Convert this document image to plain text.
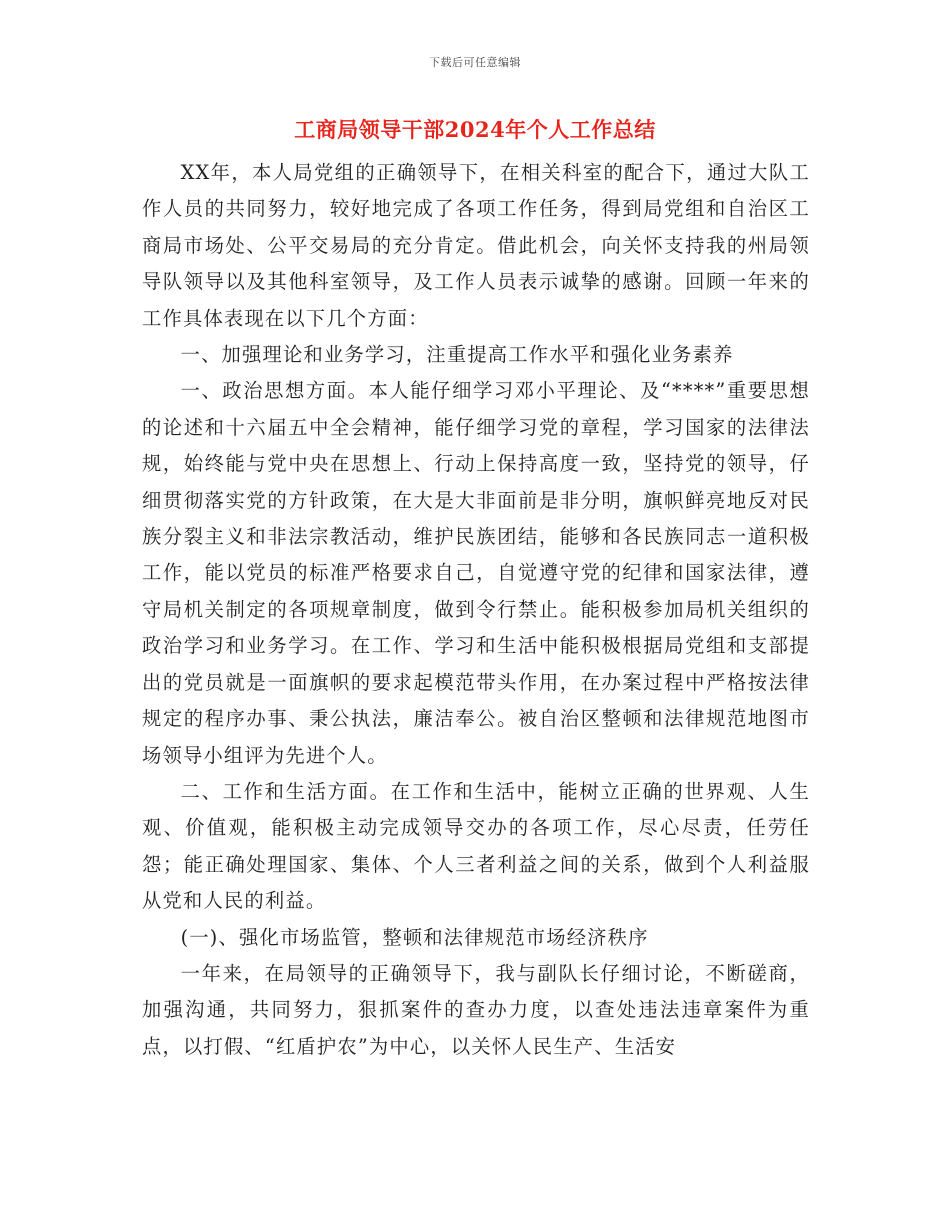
下载后可任意编辑
工商局领导干部2024年个人工作总结

XX年，本人局党组的正确领导下，在相关科室的配合下，通过大队工作人员的共同努力，较好地完成了各项工作任务，得到局党组和自治区工商局市场处、公平交易局的充分肯定。借此机会，向关怀支持我的州局领导队领导以及其他科室领导，及工作人员表示诚挚的感谢。回顾一年来的工作具体表现在以下几个方面：

一、加强理论和业务学习，注重提高工作水平和强化业务素养

一、政治思想方面。本人能仔细学习邓小平理论、及“****”重要思想的论述和十六届五中全会精神，能仔细学习党的章程，学习国家的法律法规，始终能与党中央在思想上、行动上保持高度一致，坚持党的领导，仔细贯彻落实党的方针政策，在大是大非面前是非分明，旗帜鲜亮地反对民族分裂主义和非法宗教活动，维护民族团结，能够和各民族同志一道积极工作，能以党员的标准严格要求自己，自觉遵守党的纪律和国家法律，遵守局机关制定的各项规章制度，做到令行禁止。能积极参加局机关组织的政治学习和业务学习。在工作、学习和生活中能积极根据局党组和支部提出的党员就是一面旗帜的要求起模范带头作用，在办案过程中严格按法律规定的程序办事、秉公执法，廉洁奉公。被自治区整顿和法律规范地图市场领导小组评为先进个人。

二、工作和生活方面。在工作和生活中，能树立正确的世界观、人生观、价值观，能积极主动完成领导交办的各项工作，尽心尽责，任劳任怨；能正确处理国家、集体、个人三者利益之间的关系，做到个人利益服从党和人民的利益。

(一)、强化市场监管，整顿和法律规范市场经济秩序

一年来，在局领导的正确领导下，我与副队长仔细讨论，不断磋商，加强沟通，共同努力，狠抓案件的查办力度，以查处违法违章案件为重点，以打假、“红盾护农”为中心，以关怀人民生产、生活安
